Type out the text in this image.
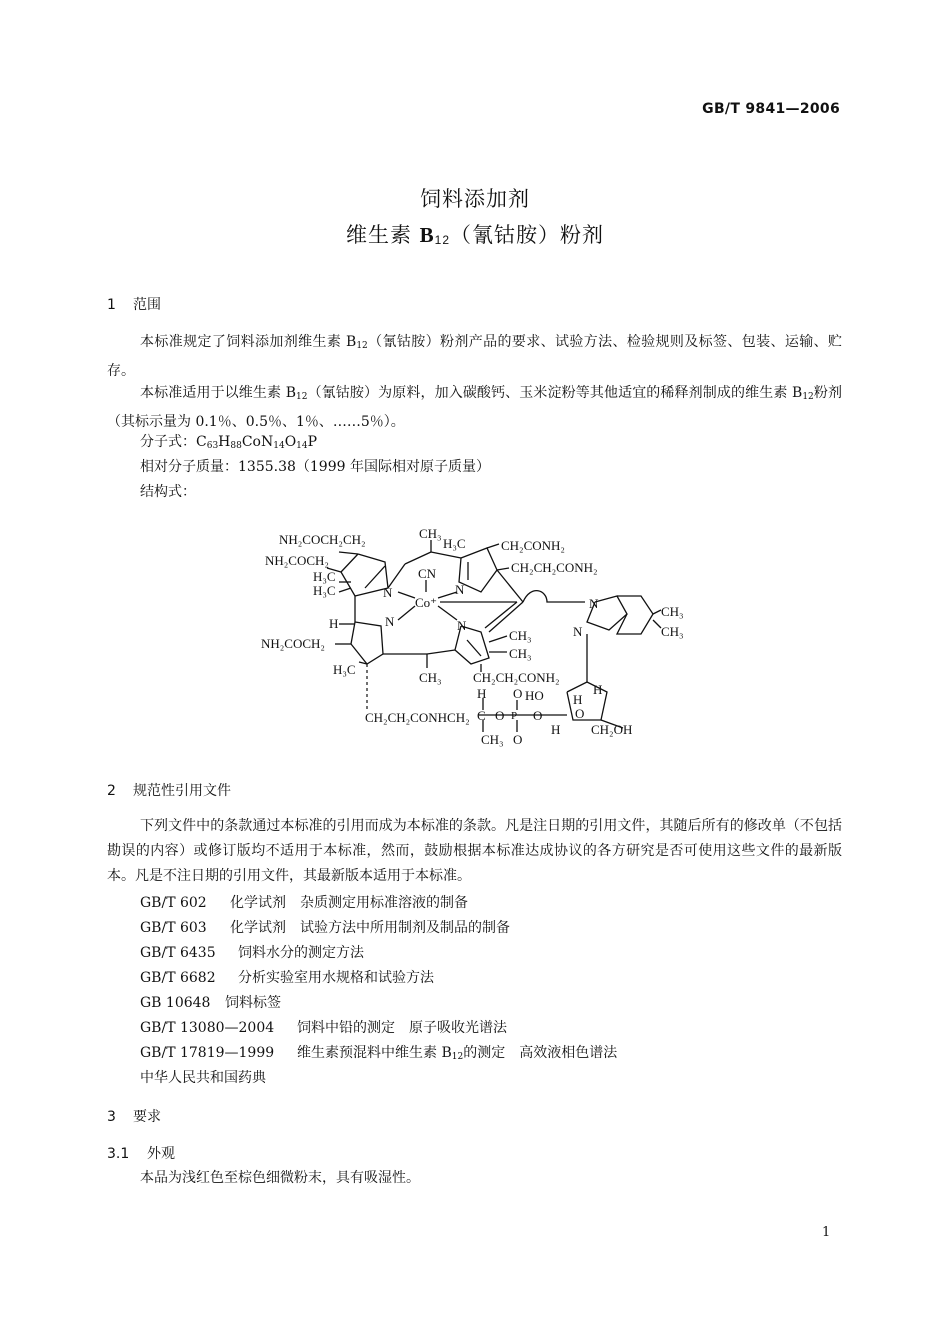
GB/T 9841—2006
饲料添加剂
维生素 $B_{12}$（氰钴胺）粉剂
1 范围
本标准规定了饲料添加剂维生素 $B_{12}$（氰钴胺）粉剂产品的要求、试验方法、检验规则及标签、包装、运输、贮存。
本标准适用于以维生素 $B_{12}$（氰钴胺）为原料，加入碳酸钙、玉米淀粉等其他适宜的稀释剂制成的维生素 $B_{12}$粉剂（其标示量为 0.1％、0.5％、1％、……5％）。
分子式：$C_{63}H_{88}CoN_{14}O_{14}P$
相对分子质量：1355.38（1999 年国际相对原子质量）
结构式：
NH₂COCH₂CH₂
NH₂COCH₂
H₃C
H₃C
H
NH₂COCH₂
H₃C
CH₃
H₃C	CH₂CONH₂
CH₂CH₂CONH₂
CN
Co⁺
N	N
N	N
N
N
CH₃
CH₃
CH₃
CH₃
CH₃ CH₂CH₂CONH₂
CH₂CH₂CONHCH₂ C
H
O
O
O
HO
P
O
H
H
H
CH₃
CH₂OH
O
2 规范性引用文件
下列文件中的条款通过本标准的引用而成为本标准的条款。凡是注日期的引用文件，其随后所有的修改单（不包括勘误的内容）或修订版均不适用于本标准，然而，鼓励根据本标准达成协议的各方研究是否可使用这些文件的最新版本。凡是不注日期的引用文件，其最新版本适用于本标准。
GB/T 602 化学试剂　杂质测定用标准溶液的制备
GB/T 603 化学试剂　试验方法中所用制剂及制品的制备
GB/T 6435 饲料水分的测定方法
GB/T 6682 分析实验室用水规格和试验方法
GB 10648 饲料标签
GB/T 13080—2004 饲料中铅的测定　原子吸收光谱法
GB/T 17819—1999 维生素预混料中维生素 $B_{12}$的测定　高效液相色谱法
中华人民共和国药典
3 要求
3.1 外观
本品为浅红色至棕色细微粉末，具有吸湿性。
1
